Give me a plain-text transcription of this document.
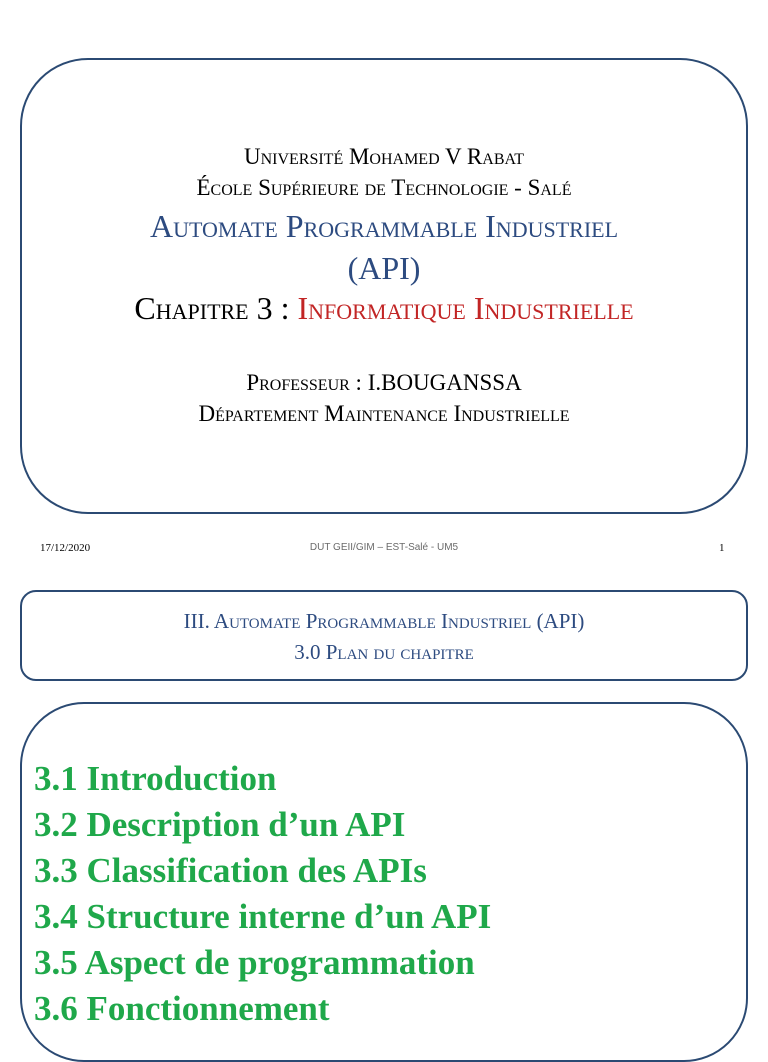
Université Mohamed V Rabat
École Supérieure de Technologie - Salé
Automate Programmable Industriel
(API)
Chapitre 3 : Informatique Industrielle
Professeur : I.BOUGANSSA
Département Maintenance Industrielle
17/12/2020	DUT GEII/GIM – EST-Salé - UM5	1
III. Automate Programmable Industriel (API)
3.0 Plan du chapitre
3.1 Introduction
3.2 Description d’un API
3.3 Classification des APIs
3.4 Structure interne d’un API
3.5 Aspect de programmation
3.6 Fonctionnement
